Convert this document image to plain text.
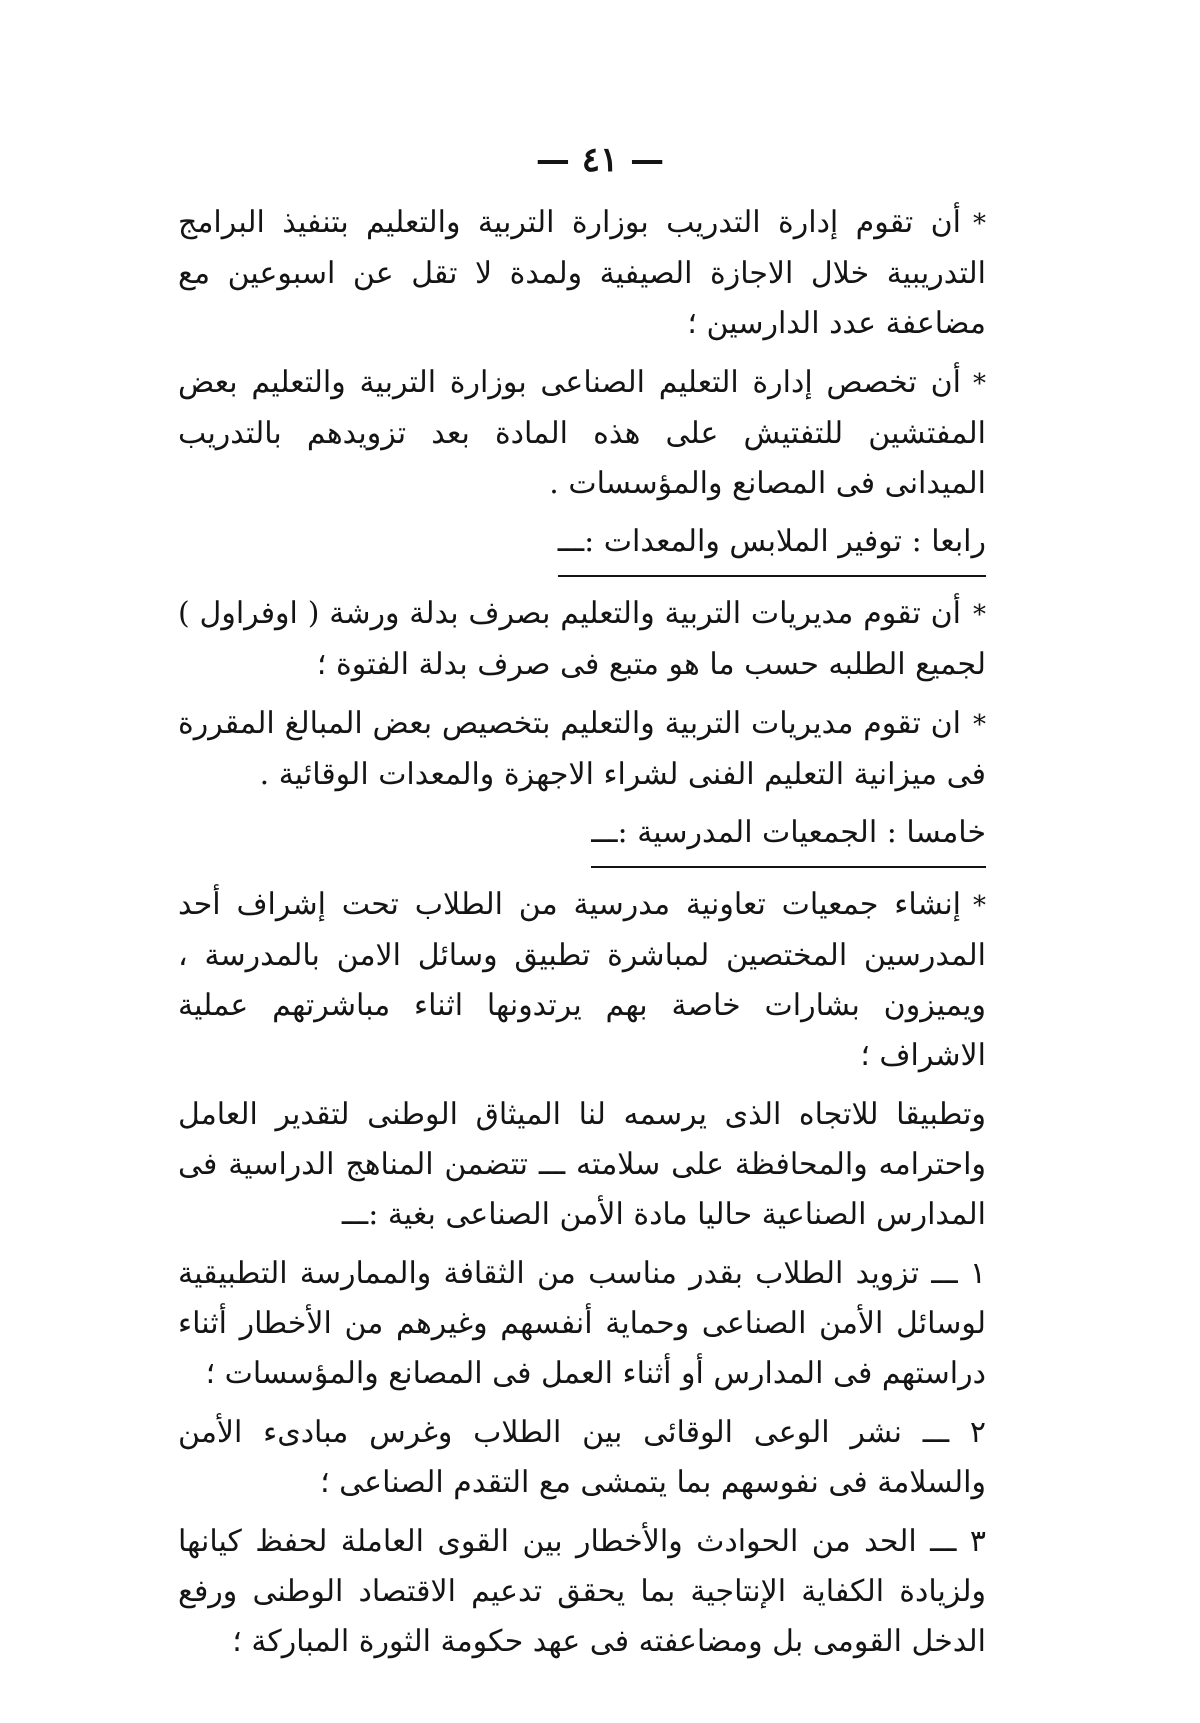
— ٤١ —

*أن تقوم إدارة التدريب بوزارة التربية والتعليم بتنفيذ البرامج التدريبية خلال الاجازة الصيفية ولمدة لا تقل عن اسبوعين مع مضاعفة عدد الدارسين ؛

*أن تخصص إدارة التعليم الصناعى بوزارة التربية والتعليم بعض المفتشين للتفتيش على هذه المادة بعد تزويدهم بالتدريب الميدانى فى المصانع والمؤسسات .

رابعا : توفير الملابس والمعدات :ـــ

*أن تقوم مديريات التربية والتعليم بصرف بدلة ورشة ( اوفراول ) لجميع الطلبه حسب ما هو متبع فى صرف بدلة الفتوة ؛

*ان تقوم مديريات التربية والتعليم بتخصيص بعض المبالغ المقررة فى ميزانية التعليم الفنى لشراء الاجهزة والمعدات الوقائية .

خامسا : الجمعيات المدرسية :ـــ

*إنشاء جمعيات تعاونية مدرسية من الطلاب تحت إشراف أحد المدرسين المختصين لمباشرة تطبيق وسائل الامن بالمدرسة ، ويميزون بشارات خاصة بهم يرتدونها اثناء مباشرتهم عملية الاشراف ؛

وتطبيقا للاتجاه الذى يرسمه لنا الميثاق الوطنى لتقدير العامل واحترامه والمحافظة على سلامته ـــ تتضمن المناهج الدراسية فى المدارس الصناعية حاليا مادة الأمن الصناعى بغية :ـــ

١ ـــ تزويد الطلاب بقدر مناسب من الثقافة والممارسة التطبيقية لوسائل الأمن الصناعى وحماية أنفسهم وغيرهم من الأخطار أثناء دراستهم فى المدارس أو أثناء العمل فى المصانع والمؤسسات ؛

٢ ـــ نشر الوعى الوقائى بين الطلاب وغرس مبادىء الأمن والسلامة فى نفوسهم بما يتمشى مع التقدم الصناعى ؛

٣ ـــ الحد من الحوادث والأخطار بين القوى العاملة لحفظ كيانها ولزيادة الكفاية الإنتاجية بما يحقق تدعيم الاقتصاد الوطنى ورفع الدخل القومى بل ومضاعفته فى عهد حكومة الثورة المباركة ؛
